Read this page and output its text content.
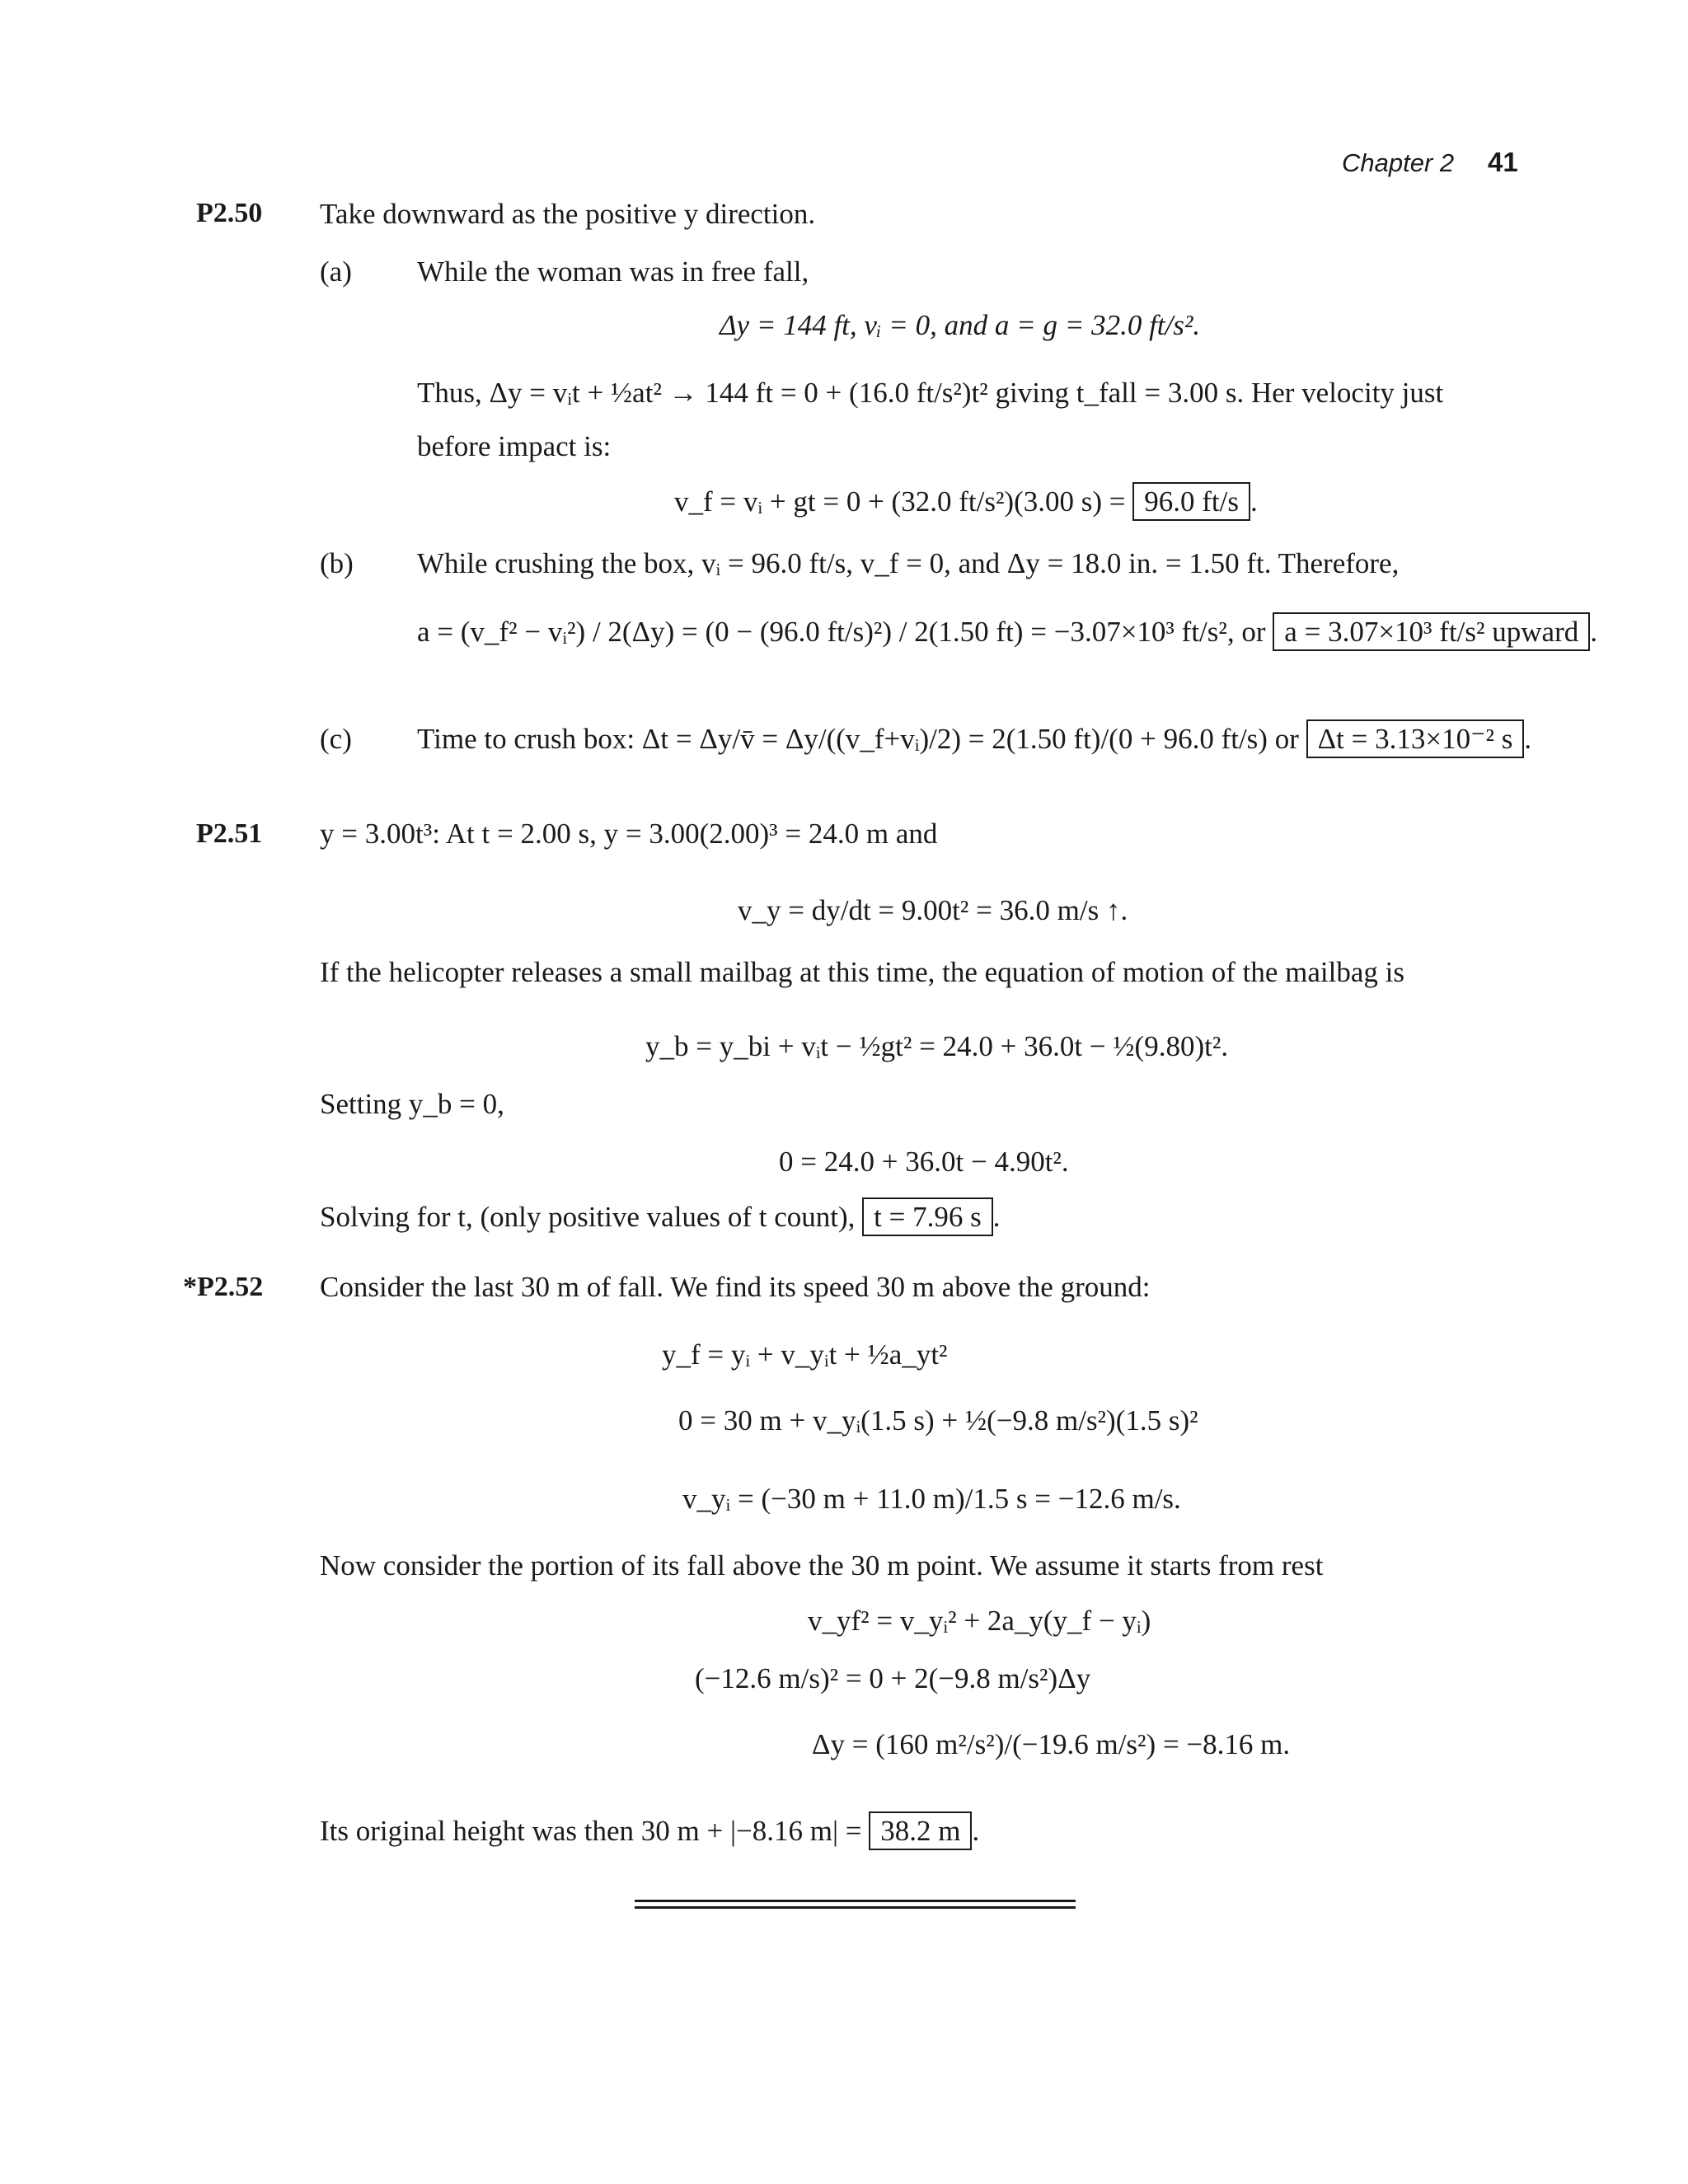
Chapter 2 41
P2.50 Take downward as the positive y direction.
(a) While the woman was in free fall,
Δy = 144 ft, vᵢ = 0, and a = g = 32.0 ft/s².
Thus, Δy = vᵢt + ½at² → 144 ft = 0 + (16.0 ft/s²)t² giving t_fall = 3.00 s. Her velocity just
before impact is:
v_f = vᵢ + gt = 0 + (32.0 ft/s²)(3.00 s) = 96.0 ft/s .
(b) While crushing the box, vᵢ = 96.0 ft/s, v_f = 0, and Δy = 18.0 in. = 1.50 ft. Therefore,
a = (v_f² − vᵢ²) / 2(Δy) = (0 − (96.0 ft/s)²) / 2(1.50 ft) = −3.07×10³ ft/s², or a = 3.07×10³ ft/s² upward .
(c) Time to crush box: Δt = Δy/v̄ = Δy/((v_f+vᵢ)/2) = 2(1.50 ft)/(0 + 96.0 ft/s) or Δt = 3.13×10⁻² s .
P2.51 y = 3.00t³: At t = 2.00 s, y = 3.00(2.00)³ = 24.0 m and
v_y = dy/dt = 9.00t² = 36.0 m/s ↑.
If the helicopter releases a small mailbag at this time, the equation of motion of the mailbag is
y_b = y_bi + vᵢt − ½gt² = 24.0 + 36.0t − ½(9.80)t².
Setting y_b = 0,
0 = 24.0 + 36.0t − 4.90t².
Solving for t, (only positive values of t count), t = 7.96 s .
*P2.52 Consider the last 30 m of fall. We find its speed 30 m above the ground:
y_f = yᵢ + v_yᵢt + ½a_yt²
0 = 30 m + v_yᵢ(1.5 s) + ½(−9.8 m/s²)(1.5 s)²
v_yᵢ = (−30 m + 11.0 m)/1.5 s = −12.6 m/s.
Now consider the portion of its fall above the 30 m point. We assume it starts from rest
v_yf² = v_yᵢ² + 2a_y(y_f − yᵢ)
(−12.6 m/s)² = 0 + 2(−9.8 m/s²)Δy
Δy = (160 m²/s²)/(−19.6 m/s²) = −8.16 m.
Its original height was then 30 m + |−8.16 m| = 38.2 m .
